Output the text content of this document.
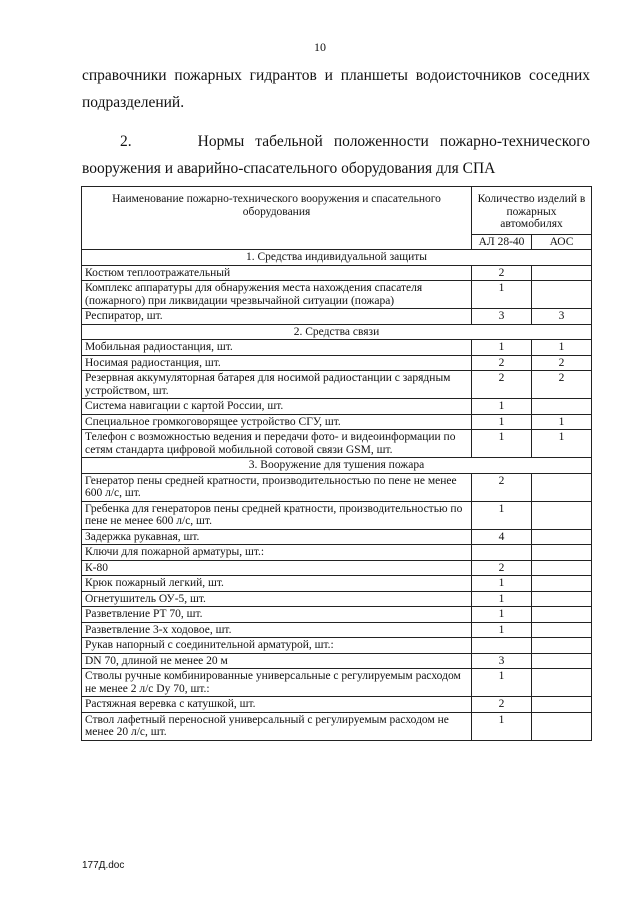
10
справочники пожарных гидрантов и планшеты водоисточников соседних подразделений.
2.	Нормы табельной положенности пожарно-технического
вооружения и аварийно-спасательного оборудования для СПА
Наименование пожарно-технического вооружения и спасательного оборудования	Количество изделий в пожарных автомобилях	
	АЛ 28-40	АОС
1. Средства индивидуальной защиты		
Костюм теплоотражательный	2	
Комплекс аппаратуры для обнаружения места нахождения спасателя (пожарного) при ликвидации чрезвычайной ситуации (пожара)	1	
Респиратор, шт.	3	3
2. Средства связи		
Мобильная радиостанция, шт.	1	1
Носимая радиостанция, шт.	2	2
Резервная аккумуляторная батарея для носимой радиостанции с зарядным устройством, шт.	2	2
Система навигации с картой России, шт.	1	
Специальное громкоговорящее устройство СГУ, шт.	1	1
Телефон с возможностью ведения и передачи фото- и видеоинформации по сетям стандарта цифровой мобильной сотовой связи GSM, шт.	1	1
3. Вооружение для тушения пожара		
Генератор пены средней кратности, производительностью по пене не менее 600 л/с, шт.	2	
Гребенка для генераторов пены средней кратности, производительностью по пене не менее 600 л/с, шт.	1	
Задержка рукавная, шт.	4	
Ключи для пожарной арматуры, шт.:		
К-80	2	
Крюк пожарный легкий, шт.	1	
Огнетушитель ОУ-5, шт.	1	
Разветвление РТ 70, шт.	1	
Разветвление 3-х ходовое, шт.	1	
Рукав напорный с соединительной арматурой, шт.:		
DN 70, длиной не менее 20 м	3	
Стволы ручные комбинированные универсальные с регулируемым расходом не менее 2 л/с Dy 70, шт.:	1	
Растяжная веревка с катушкой, шт.	2	
Ствол лафетный переносной универсальный с регулируемым расходом не менее 20 л/с, шт.	1	
177Д.doc
